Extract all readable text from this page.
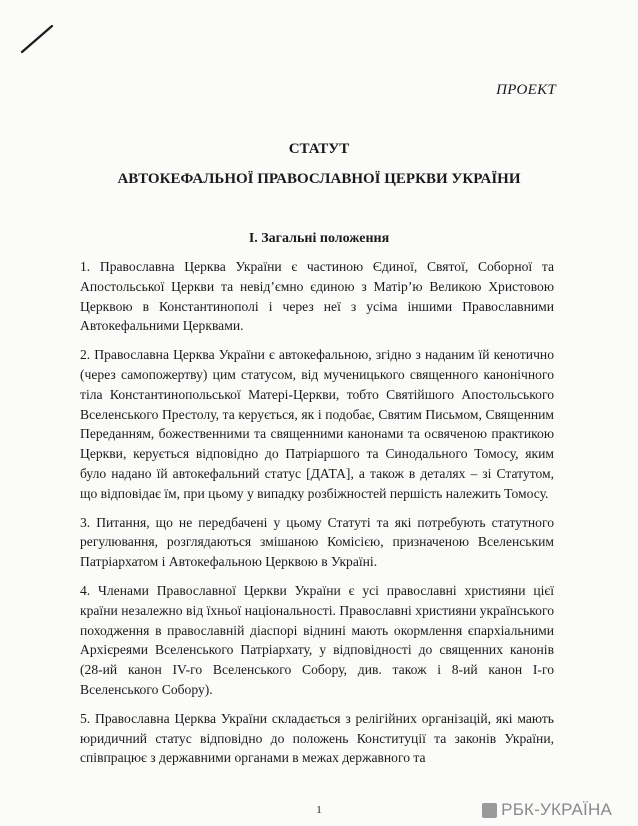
ПРОЕКТ
СТАТУТ
АВТОКЕФАЛЬНОЇ ПРАВОСЛАВНОЇ ЦЕРКВИ УКРАЇНИ
I. Загальні положення

1. Православна Церква України є частиною Єдиної, Святої, Соборної та Апостольської Церкви та невід’ємно єдиною з Матір’ю Великою Христовою Церквою в Константинополі і через неї з усіма іншими Православними Автокефальними Церквами.

2. Православна Церква України є автокефальною, згідно з наданим їй кенотично (через самопожертву) цим статусом, від мученицького священного канонічного тіла Константинопольської Матері-Церкви, тобто Святійшого Апостольського Вселенського Престолу, та керується, як і подобає, Святим Письмом, Священним Переданням, божественними та священними канонами та освяченою практикою Церкви, керується відповідно до Патріаршого та Синодального Томосу, яким було надано їй автокефальний статус [ДАТА], а також в деталях – зі Статутом, що відповідає їм, при цьому у випадку розбіжностей першість належить Томосу.

3. Питання, що не передбачені у цьому Статуті та які потребують статутного регулювання, розглядаються змішаною Комісією, призначеною Вселенським Патріархатом і Автокефальною Церквою в Україні.

4. Членами Православної Церкви України є усі православні християни цієї країни незалежно від їхньої національності. Православні християни українського походження в православній діаспорі віднині мають окормлення єпархіальними Архієреями Вселенського Патріархату, у відповідності до священних канонів (28-ий канон IV-го Вселенського Собору, див. також і 8-ий канон I-го Вселенського Собору).

5. Православна Церква України складається з релігійних організацій, які мають юридичний статус відповідно до положень Конституції та законів України, співпрацює з державними органами в межах державного та

1	РБК-УКРАЇНА
